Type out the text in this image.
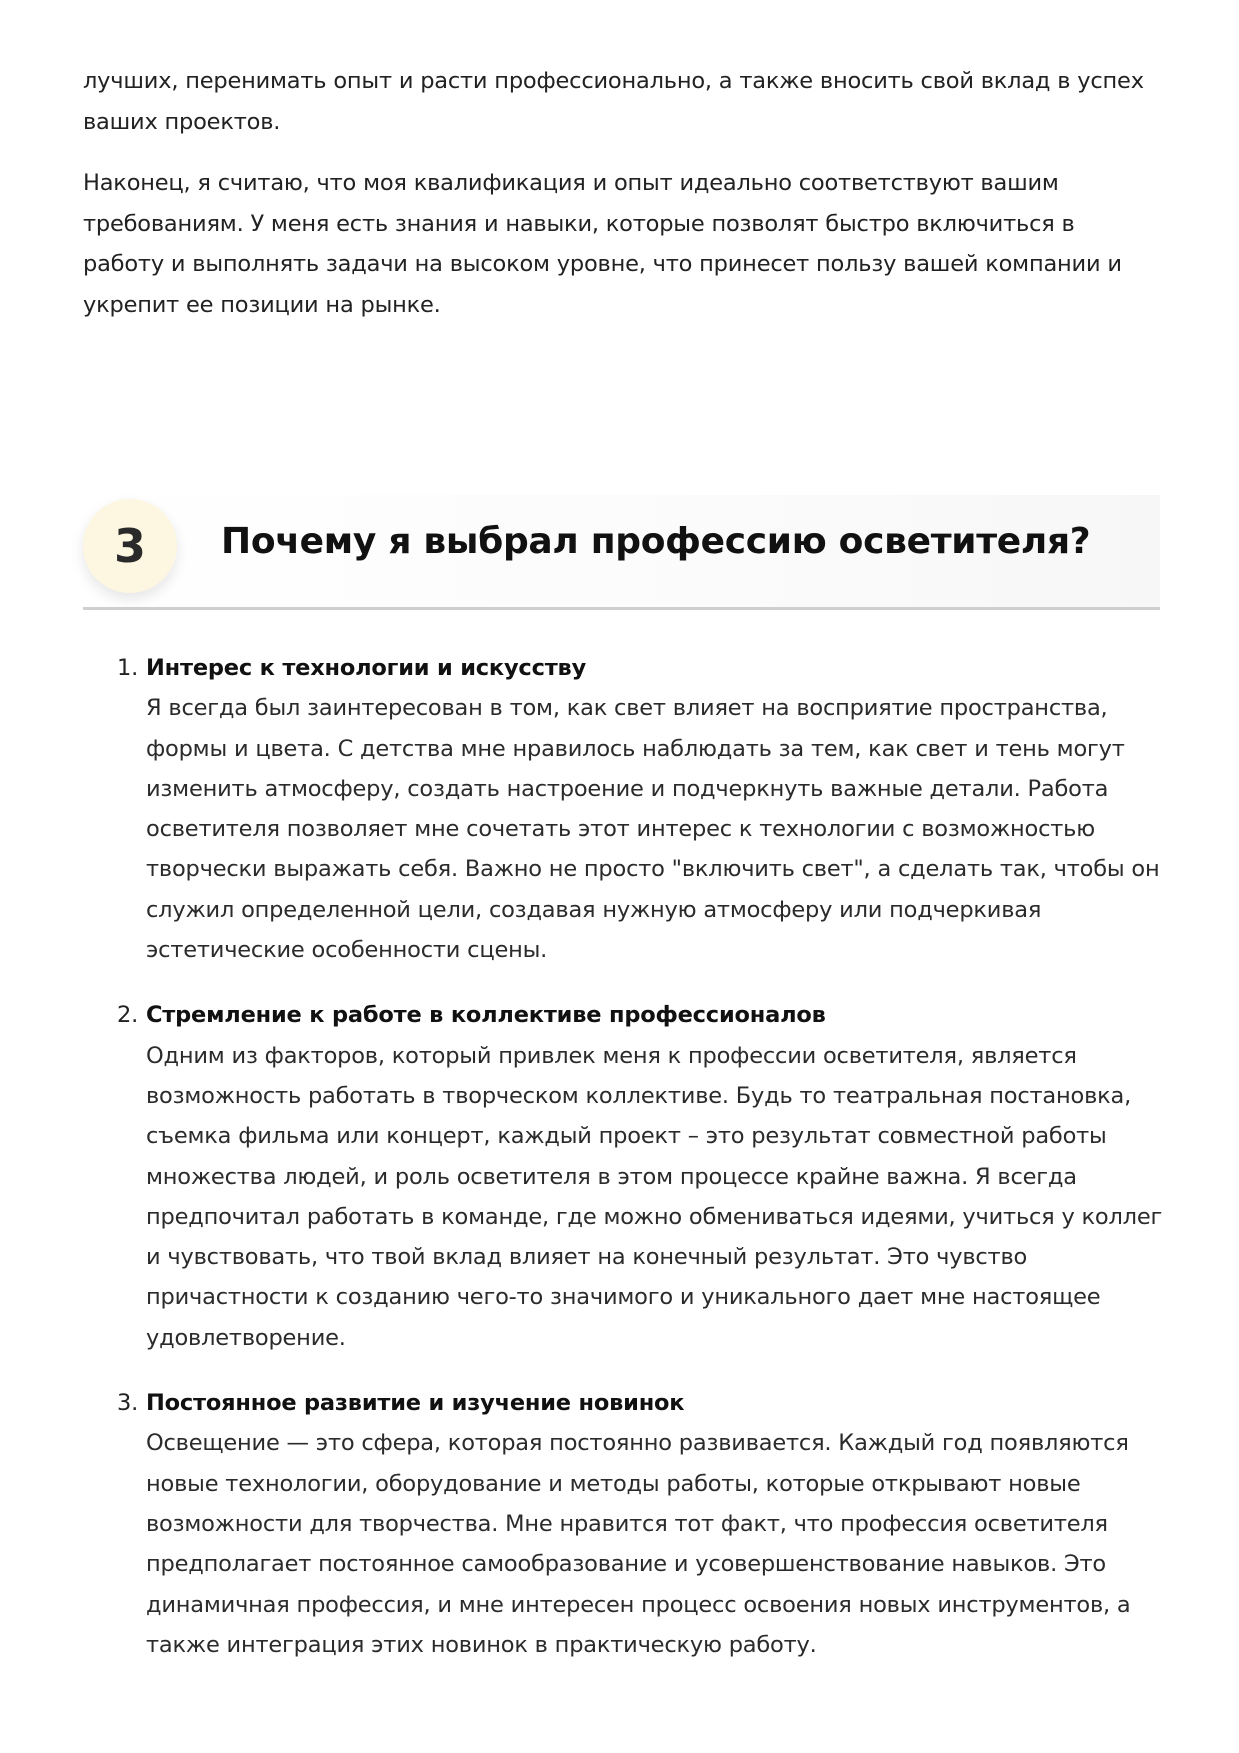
лучших, перенимать опыт и расти профессионально, а также вносить свой вклад в успех ваших проектов.

Наконец, я считаю, что моя квалификация и опыт идеально соответствуют вашим требованиям. У меня есть знания и навыки, которые позволят быстро включиться в работу и выполнять задачи на высоком уровне, что принесет пользу вашей компании и укрепит ее позиции на рынке.

3	Почему я выбрал профессию осветителя?
1. Интерес к технологии и искусству
Я всегда был заинтересован в том, как свет влияет на восприятие пространства, формы и цвета. С детства мне нравилось наблюдать за тем, как свет и тень могут изменить атмосферу, создать настроение и подчеркнуть важные детали. Работа осветителя позволяет мне сочетать этот интерес к технологии с возможностью творчески выражать себя. Важно не просто "включить свет", а сделать так, чтобы он служил определенной цели, создавая нужную атмосферу или подчеркивая эстетические особенности сцены.
2. Стремление к работе в коллективе профессионалов
Одним из факторов, который привлек меня к профессии осветителя, является возможность работать в творческом коллективе. Будь то театральная постановка, съемка фильма или концерт, каждый проект – это результат совместной работы множества людей, и роль осветителя в этом процессе крайне важна. Я всегда предпочитал работать в команде, где можно обмениваться идеями, учиться у коллег и чувствовать, что твой вклад влияет на конечный результат. Это чувство причастности к созданию чего-то значимого и уникального дает мне настоящее удовлетворение.
3. Постоянное развитие и изучение новинок
Освещение — это сфера, которая постоянно развивается. Каждый год появляются новые технологии, оборудование и методы работы, которые открывают новые возможности для творчества. Мне нравится тот факт, что профессия осветителя предполагает постоянное самообразование и усовершенствование навыков. Это динамичная профессия, и мне интересен процесс освоения новых инструментов, а также интеграция этих новинок в практическую работу.
